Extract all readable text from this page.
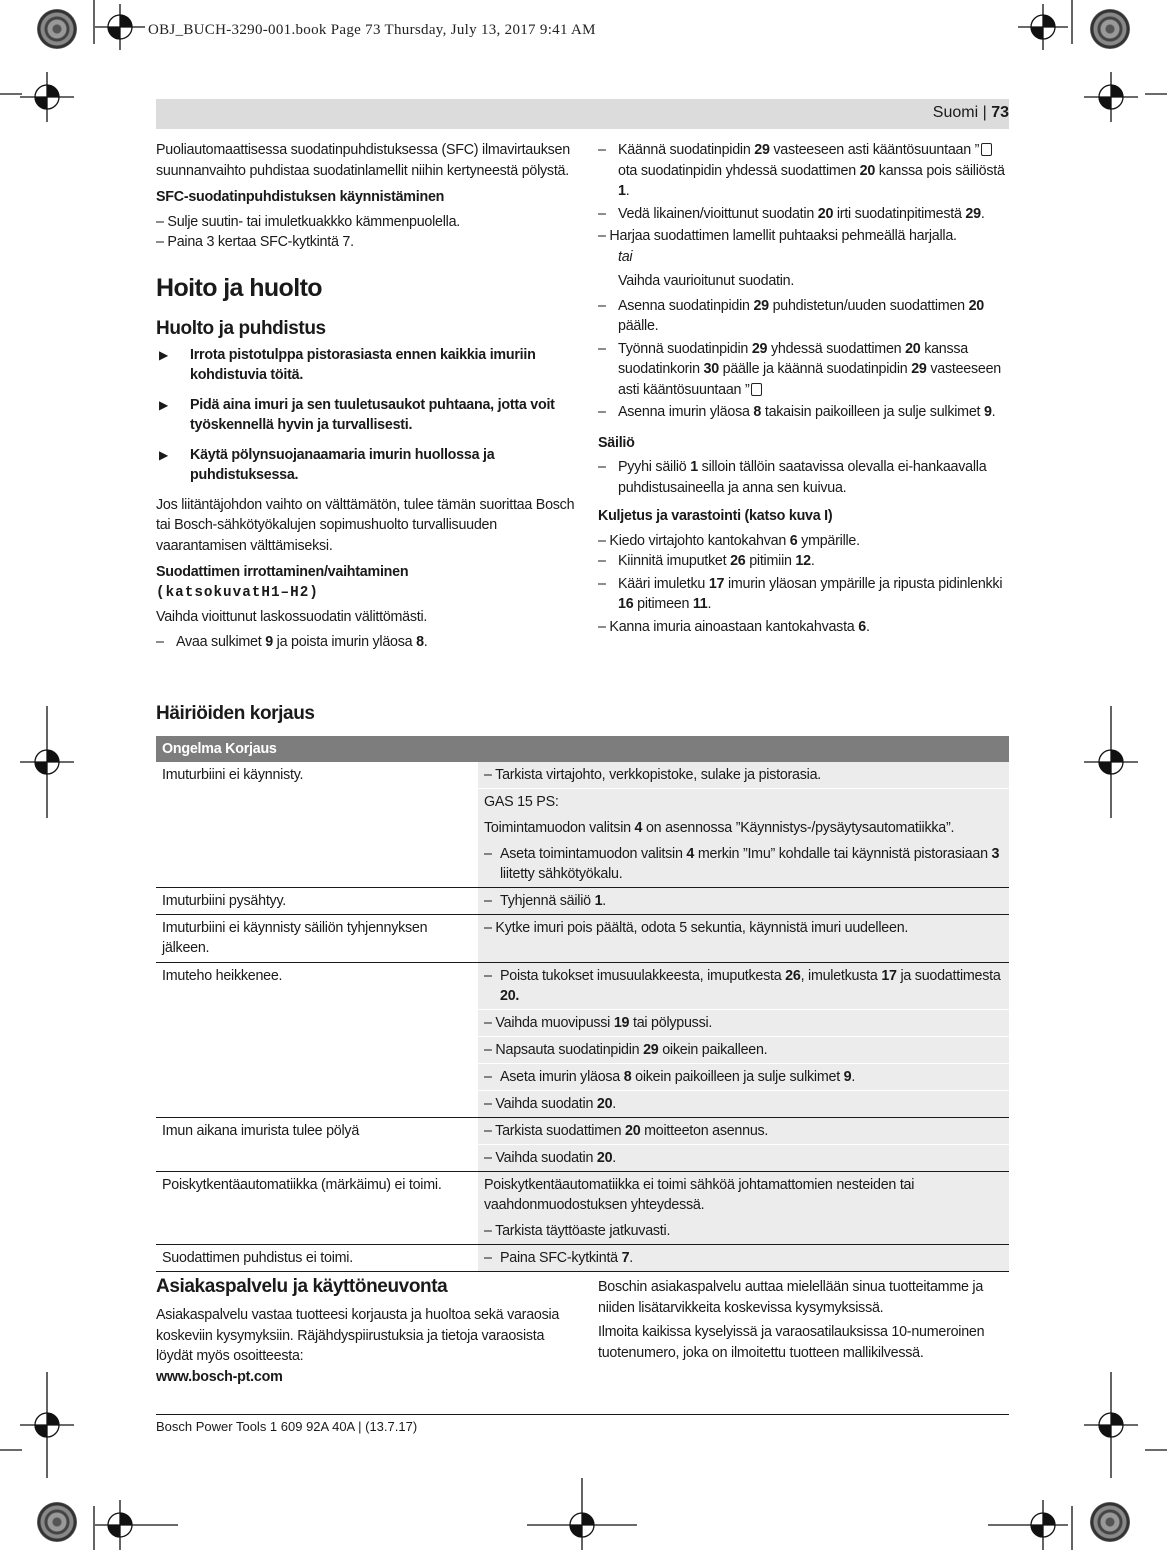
OBJ_BUCH-3290-001.book Page 73 Thursday, July 13, 2017 9:41 AM
Suomi | 73

Puoliautomaattisessa suodatinpuhdistuksessa (SFC) ilmavirtauksen suunnanvaihto puhdistaa suodatinlamellit niihin kertyneestä pölystä.

SFC-suodatinpuhdistuksen käynnistäminen

– Sulje suutin- tai imuletkuakkko kämmenpuolella.

– Paina 3 kertaa SFC-kytkintä 7.

Hoito ja huolto
Huolto ja puhdistus
▶ Irrota pistotulppa pistorasiasta ennen kaikkia imuriin kohdistuvia töitä.
▶ Pidä aina imuri ja sen tuuletusaukot puhtaana, jotta voit työskennellä hyvin ja turvallisesti.
▶ Käytä pölynsuojanaamaria imurin huollossa ja puhdistuksessa.

Jos liitäntäjohdon vaihto on välttämätön, tulee tämän suorittaa Bosch tai Bosch-sähkötyökalujen sopimushuolto turvallisuuden vaarantamisen välttämiseksi.

Suodattimen irrottaminen/vaihtaminen

(katsokuvatH1–H2)

Vaihda vioittunut laskossuodatin välittömästi.

– Avaa sulkimet 9 ja poista imurin yläosa 8.
– Käännä suodatinpidin 29 vasteeseen asti kääntösuuntaan ” ota suodatinpidin yhdessä suodattimen 20 kanssa pois säiliöstä 1.
– Vedä likainen/vioittunut suodatin 20 irti suodatinpitimestä 29.

– Harjaa suodattimen lamellit puhtaaksi pehmeällä harjalla.

tai

Vaihda vaurioitunut suodatin.

– Asenna suodatinpidin 29 puhdistetun/uuden suodattimen 20 päälle.
– Työnnä suodatinpidin 29 yhdessä suodattimen 20 kanssa suodatinkorin 30 päälle ja käännä suodatinpidin 29 vasteeseen asti kääntösuuntaan ”
– Asenna imurin yläosa 8 takaisin paikoilleen ja sulje sulkimet 9.

Säiliö

– Pyyhi säiliö 1 silloin tällöin saatavissa olevalla ei-hankaavalla puhdistusaineella ja anna sen kuivua.

Kuljetus ja varastointi (katso kuva I)

– Kiedo virtajohto kantokahvan 6 ympärille.

– Kiinnitä imuputket 26 pitimiin 12.
– Kääri imuletku 17 imurin yläosan ympärille ja ripusta pidinlenkki 16 pitimeen 11.

– Kanna imuria ainoastaan kantokahvasta 6.

Häiriöiden korjaus
Ongelma Korjaus	
Imuturbiini ei käynnisty.	– Tarkista virtajohto, verkkopistoke, sulake ja pistorasia.
	GAS 15 PS:
	Toimintamuodon valitsin 4 on asennossa ”Käynnistys-/pysäytysautomatiikka”.

	– Aseta toimintamuodon valitsin 4 merkin ”Imu” kohdalle tai käynnistä pistorasiaan 3 liitetty sähkötyökalu.

Imuturbiini pysähtyy.	– Tyhjennä säiliö 1.

Imuturbiini ei käynnisty säiliön tyhjennyksen jälkeen.	– Kytke imuri pois päältä, odota 5 sekuntia, käynnistä imuri uudelleen.
Imuteho heikkenee.	– Poista tukokset imusuulakkeesta, imuputkesta 26, imuletkusta 17 ja suodattimesta 20.

	– Vaihda muovipussi 19 tai pölypussi.
	– Napsauta suodatinpidin 29 oikein paikalleen.

	– Aseta imurin yläosa 8 oikein paikoilleen ja sulje sulkimet 9.

	– Vaihda suodatin 20.
Imun aikana imurista tulee pölyä	– Tarkista suodattimen 20 moitteeton asennus.
	– Vaihda suodatin 20.
Poiskytkentäautomatiikka (märkäimu) ei toimi.	Poiskytkentäautomatiikka ei toimi sähköä johtamattomien nesteiden tai vaahdonmuodostuksen yhteydessä.
	– Tarkista täyttöaste jatkuvasti.
Suodattimen puhdistus ei toimi.	– Paina SFC-kytkintä 7.
Asiakaspalvelu ja käyttöneuvonta

Asiakaspalvelu vastaa tuotteesi korjausta ja huoltoa sekä varaosia koskeviin kysymyksiin. Räjähdyspiirustuksia ja tietoja varaosista löydät myös osoitteesta:

www.bosch-pt.com

Boschin asiakaspalvelu auttaa mielellään sinua tuotteitamme ja niiden lisätarvikkeita koskevissa kysymyksissä.

Ilmoita kaikissa kyselyissä ja varaosatilauksissa 10-numeroinen tuotenumero, joka on ilmoitettu tuotteen mallikilvessä.

Bosch Power Tools 1 609 92A 40A | (13.7.17)
